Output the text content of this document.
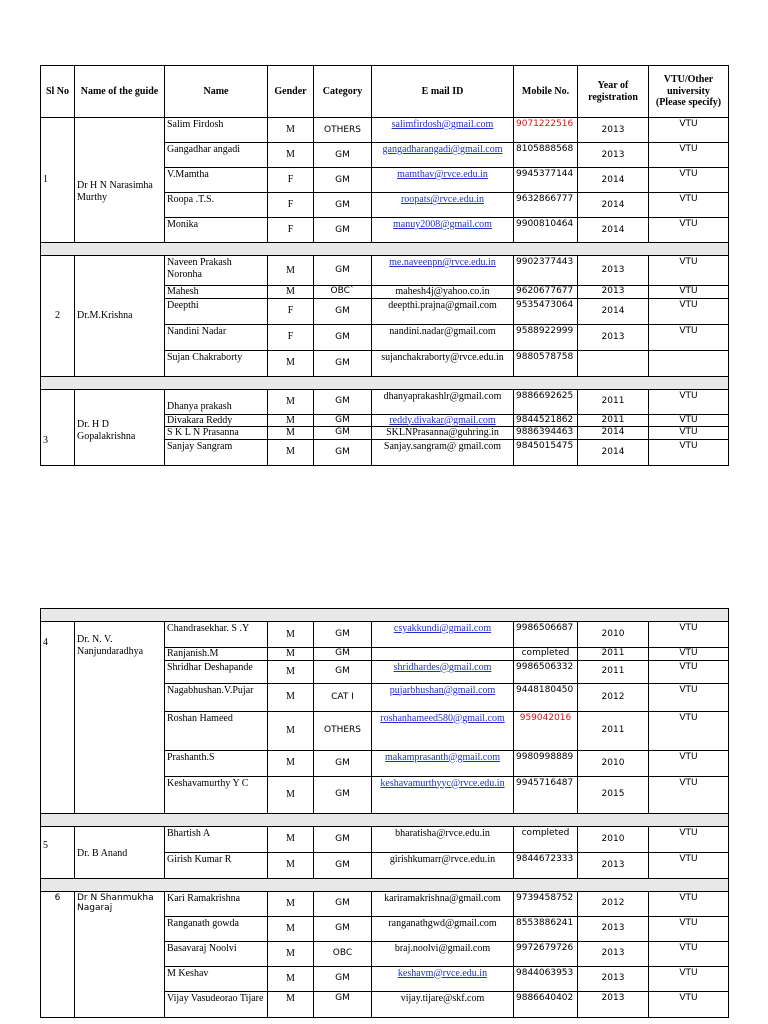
Sl No	Name of the guide	Name	Gender	Category	E mail ID	Mobile No.	Year of registration	VTU/Other university (Please specify)
1	Dr H N Narasimha Murthy	Salim Firdosh	M	OTHERS	salimfirdosh@gmail.com	9071222516	2013	VTU
		Gangadhar angadi	M	GM	gangadharangadi@gmail.com	8105888568	2013	VTU
		V.Mamtha	F	GM	mamthav@rvce.edu.in	9945377144	2014	VTU
		Roopa .T.S.	F	GM	roopats@rvce.edu.in	9632866777	2014	VTU
		Monika	F	GM	manuy2008@gmail.com	9900810464	2014	VTU

2	Dr.M.Krishna	Naveen Prakash Noronha	M	GM	me.naveenpn@rvce.edu.in	9902377443	2013	VTU
		Mahesh	M	OBC`	mahesh4j@yahoo.co.in	9620677677	2013	VTU
		Deepthi	F	GM	deepthi.prajna@gmail.com	9535473064	2014	VTU
		Nandini Nadar	F	GM	nandini.nadar@gmail.com	9588922999	2013	VTU
		Sujan Chakraborty	M	GM	sujanchakraborty@rvce.edu.in	9880578758		

3	Dr. H D Gopalakrishna	Dhanya prakash	M	GM	dhanyaprakashlr@gmail.com	9886692625	2011	VTU
		Divakara Reddy	M	GM	reddy.divakar@gmail.com	9844521862	2011	VTU
		S K L N Prasanna	M	GM	SKLNPrasanna@guhring.in	9886394463	2014	VTU
		Sanjay Sangram	M	GM	Sanjay.sangram@ gmail.com	9845015475	2014	VTU

4	Dr. N. V. Nanjundaradhya	Chandrasekhar. S .Y	M	GM	csyakkundi@gmail.com	9986506687	2010	VTU
		Ranjanish.M	M	GM		completed	2011	VTU
		Shridhar Deshapande	M	GM	shridhardes@gmail.com	9986506332	2011	VTU
		Nagabhushan.V.Pujar	M	CAT I	pujarbhushan@gmail.com	9448180450	2012	VTU
		Roshan Hameed	M	OTHERS	roshanhameed580@gmail.com	959042016	2011	VTU
		Prashanth.S	M	GM	makamprasanth@gmail.com	9980998889	2010	VTU
		Keshavamurthy Y C	M	GM	keshavamurthyyc@rvce.edu.in	9945716487	2015	VTU

5	Dr. B Anand	Bhartish A	M	GM	bharatisha@rvce.edu.in	completed	2010	VTU
		Girish Kumar R	M	GM	girishkumarr@rvce.edu.in	9844672333	2013	VTU

6	Dr N Shanmukha Nagaraj	Kari Ramakrishna	M	GM	kariramakrishna@gmail.com	9739458752	2012	VTU
		Ranganath gowda	M	GM	ranganathgwd@gmail.com	8553886241	2013	VTU
		Basavaraj Noolvi	M	OBC	braj.noolvi@gmail.com	9972679726	2013	VTU
		M Keshav	M	GM	keshavm@rvce.edu.in	9844063953	2013	VTU
		Vijay Vasudeorao Tijare	M	GM	vijay.tijare@skf.com	9886640402	2013	VTU
